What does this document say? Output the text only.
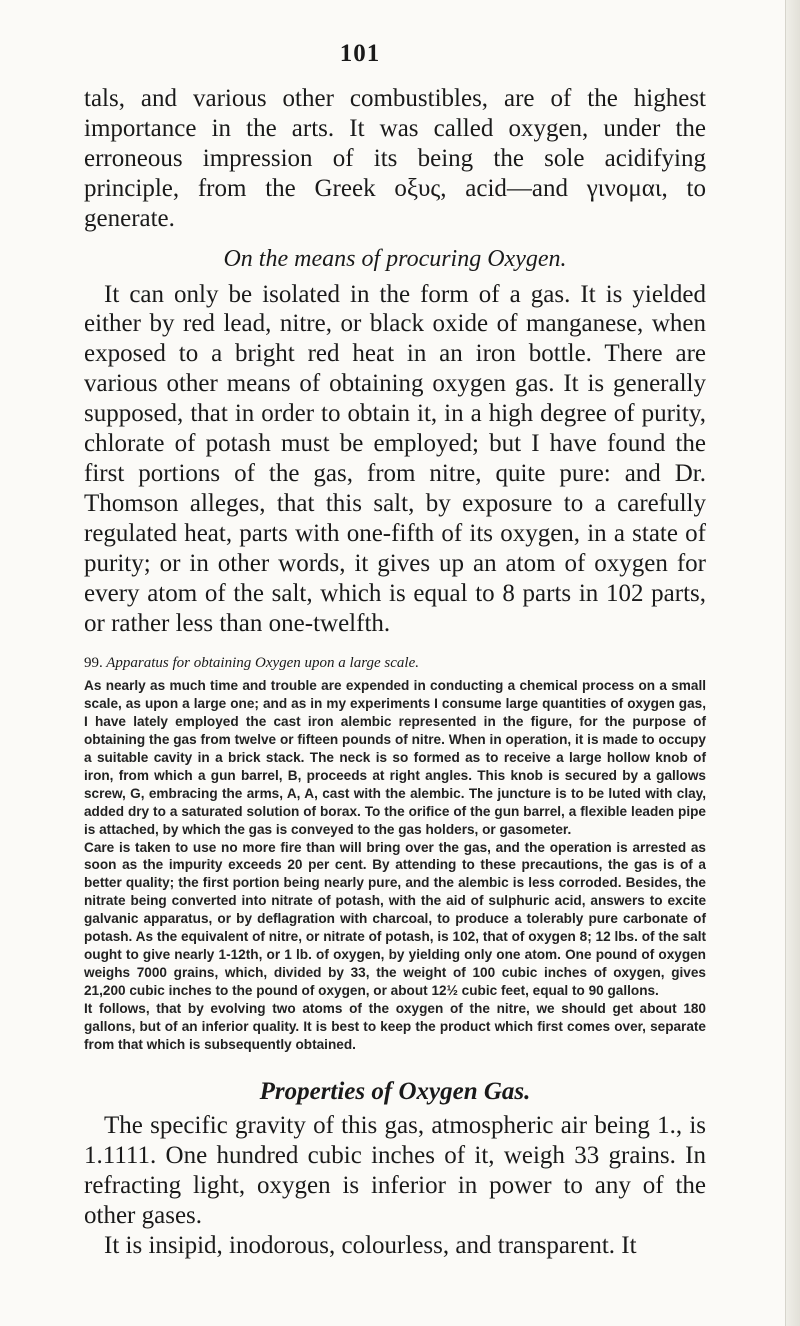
101

tals, and various other combustibles, are of the highest importance in the arts. It was called oxygen, under the erroneous impression of its being the sole acidifying principle, from the Greek οξυς, acid—and γινομαι, to generate.

On the means of procuring Oxygen.

It can only be isolated in the form of a gas. It is yielded either by red lead, nitre, or black oxide of manganese, when exposed to a bright red heat in an iron bottle. There are various other means of obtaining oxygen gas. It is generally supposed, that in order to obtain it, in a high degree of purity, chlorate of potash must be employed; but I have found the first portions of the gas, from nitre, quite pure: and Dr. Thomson alleges, that this salt, by exposure to a carefully regulated heat, parts with one-fifth of its oxygen, in a state of purity; or in other words, it gives up an atom of oxygen for every atom of the salt, which is equal to 8 parts in 102 parts, or rather less than one-twelfth.

99. Apparatus for obtaining Oxygen upon a large scale.

As nearly as much time and trouble are expended in conducting a chemical process on a small scale, as upon a large one; and as in my experiments I consume large quantities of oxygen gas, I have lately employed the cast iron alembic represented in the figure, for the purpose of obtaining the gas from twelve or fifteen pounds of nitre. When in operation, it is made to occupy a suitable cavity in a brick stack. The neck is so formed as to receive a large hollow knob of iron, from which a gun barrel, B, proceeds at right angles. This knob is secured by a gallows screw, G, embracing the arms, A, A, cast with the alembic. The juncture is to be luted with clay, added dry to a saturated solution of borax. To the orifice of the gun barrel, a flexible leaden pipe is attached, by which the gas is conveyed to the gas holders, or gasometer.

Care is taken to use no more fire than will bring over the gas, and the operation is arrested as soon as the impurity exceeds 20 per cent. By attending to these precautions, the gas is of a better quality; the first portion being nearly pure, and the alembic is less corroded. Besides, the nitrate being converted into nitrate of potash, with the aid of sulphuric acid, answers to excite galvanic apparatus, or by deflagration with charcoal, to produce a tolerably pure carbonate of potash. As the equivalent of nitre, or nitrate of potash, is 102, that of oxygen 8; 12 lbs. of the salt ought to give nearly 1-12th, or 1 lb. of oxygen, by yielding only one atom. One pound of oxygen weighs 7000 grains, which, divided by 33, the weight of 100 cubic inches of oxygen, gives 21,200 cubic inches to the pound of oxygen, or about 12½ cubic feet, equal to 90 gallons.

It follows, that by evolving two atoms of the oxygen of the nitre, we should get about 180 gallons, but of an inferior quality. It is best to keep the product which first comes over, separate from that which is subsequently obtained.

Properties of Oxygen Gas.

The specific gravity of this gas, atmospheric air being 1., is 1.1111. One hundred cubic inches of it, weigh 33 grains. In refracting light, oxygen is inferior in power to any of the other gases.

It is insipid, inodorous, colourless, and transparent. It
